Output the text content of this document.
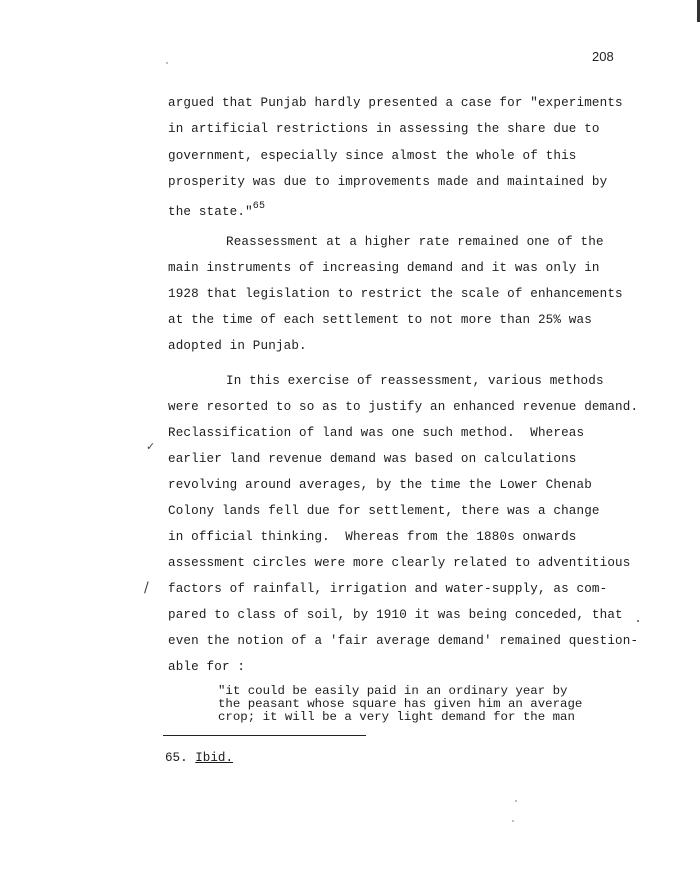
208
argued that Punjab hardly presented a case for "experiments
in artificial restrictions in assessing the share due to
government, especially since almost the whole of this
prosperity was due to improvements made and maintained by
the state."$^{65}$
Reassessment at a higher rate remained one of the
main instruments of increasing demand and it was only in
1928 that legislation to restrict the scale of enhancements
at the time of each settlement to not more than 25% was
adopted in Punjab.
In this exercise of reassessment, various methods
were resorted to so as to justify an enhanced revenue demand.
Reclassification of land was one such method.  Whereas
earlier land revenue demand was based on calculations
revolving around averages, by the time the Lower Chenab
Colony lands fell due for settlement, there was a change
in official thinking.  Whereas from the 1880s onwards
assessment circles were more clearly related to adventitious
factors of rainfall, irrigation and water-supply, as com-
pared to class of soil, by 1910 it was being conceded, that
even the notion of a 'fair average demand' remained question-
able for :
"it could be easily paid in an ordinary year by
the peasant whose square has given him an average
crop; it will be a very light demand for the man
65. Ibid.
✓
/
